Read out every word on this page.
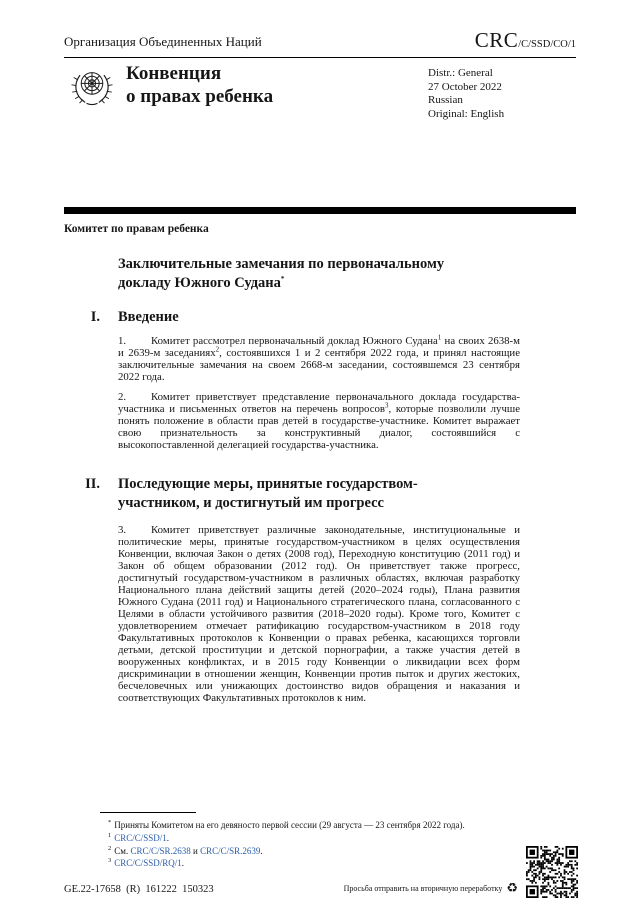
Организация Объединенных Наций	CRC/C/SSD/CO/1
Конвенция
о правах ребенка
Distr.: General
27 October 2022
Russian
Original: English
Комитет по правам ребенка
Заключительные замечания по первоначальному докладу Южного Судана*
I.	Введение

1. Комитет рассмотрел первоначальный доклад Южного Судана$^1$ на своих 2638-м и 2639-м заседаниях$^2$, состоявшихся 1 и 2 сентября 2022 года, и принял настоящие заключительные замечания на своем 2668-м заседании, состоявшемся 23 сентября 2022 года.

2. Комитет приветствует представление первоначального доклада государства-участника и письменных ответов на перечень вопросов$^3$, которые позволили лучше понять положение в области прав детей в государстве-участнике. Комитет выражает свою признательность за конструктивный диалог, состоявшийся с высокопоставленной делегацией государства-участника.

II.	Последующие меры, принятые государством-участником, и достигнутый им прогресс

3. Комитет приветствует различные законодательные, институциональные и политические меры, принятые государством-участником в целях осуществления Конвенции, включая Закон о детях (2008 год), Переходную конституцию (2011 год) и Закон об общем образовании (2012 год). Он приветствует также прогресс, достигнутый государством-участником в различных областях, включая разработку Национального плана действий защиты детей (2020–2024 годы), Плана развития Южного Судана (2011 год) и Национального стратегического плана, согласованного с Целями в области устойчивого развития (2018–2020 годы). Кроме того, Комитет с удовлетворением отмечает ратификацию государством-участником в 2018 году Факультативных протоколов к Конвенции о правах ребенка, касающихся торговли детьми, детской проституции и детской порнографии, а также участия детей в вооруженных конфликтах, и в 2015 году Конвенции о ликвидации всех форм дискриминации в отношении женщин, Конвенции против пыток и других жестоких, бесчеловечных или унижающих достоинство видов обращения и наказания и соответствующих Факультативных протоколов к ним.

* Приняты Комитетом на его девяносто первой сессии (29 августа — 23 сентября 2022 года).
$^1$ CRC/C/SSD/1.
$^2$ См. CRC/C/SR.2638 и CRC/C/SR.2639.
$^3$ CRC/C/SSD/RQ/1.
GE.22-17658  (R)  161222  150323	Просьба отправить на вторичную переработку ♻
